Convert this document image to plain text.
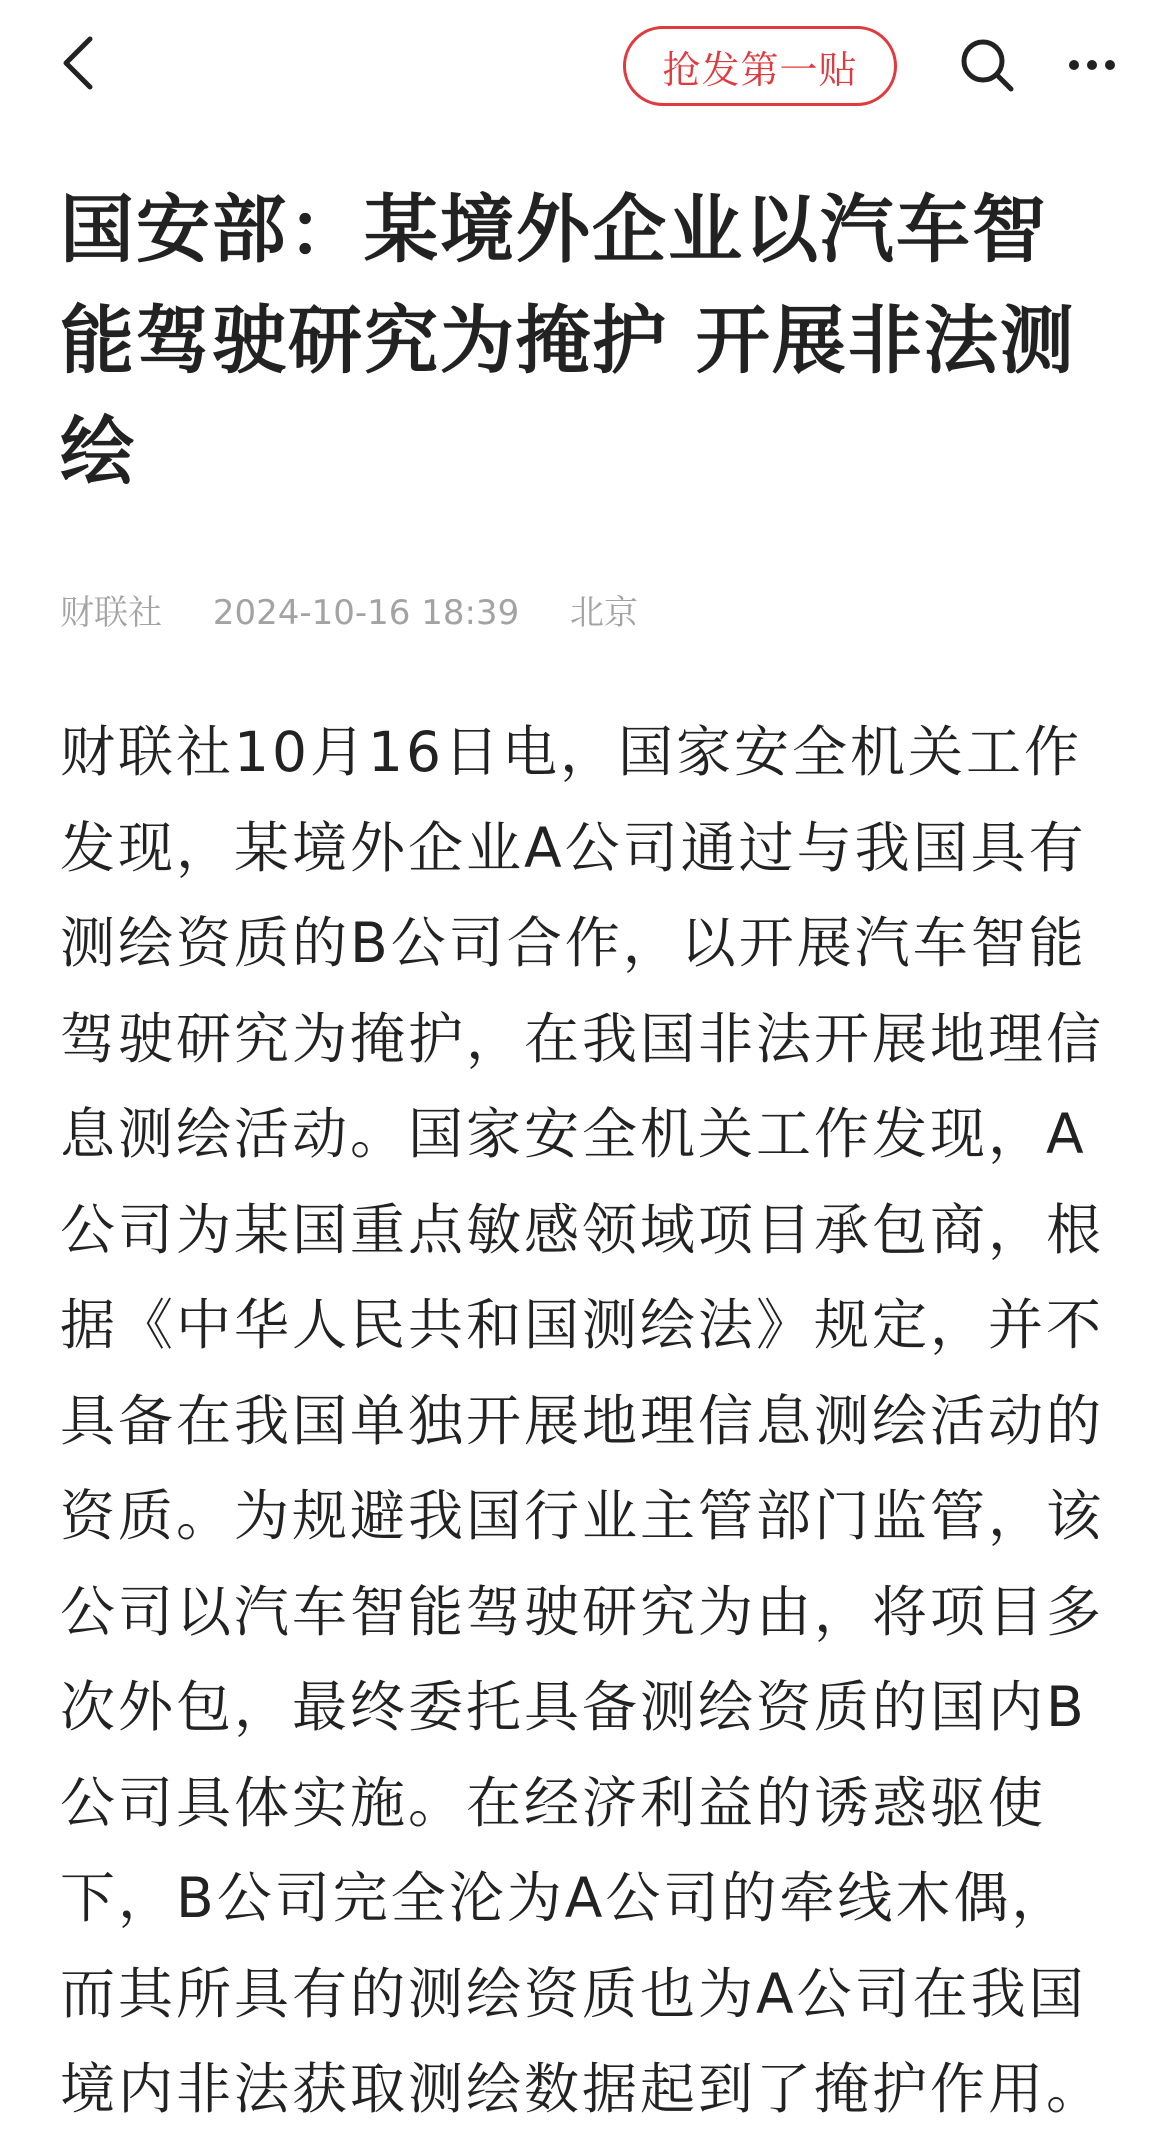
抢发第一贴
国安部：某境外企业以汽车智能驾驶研究为掩护 开展非法测绘
财联社 2024-10-16 18:39 北京

财联社10月16日电，国家安全机关工作发现，某境外企业A公司通过与我国具有测绘资质的B公司合作，以开展汽车智能驾驶研究为掩护，在我国非法开展地理信息测绘活动。国家安全机关工作发现，A公司为某国重点敏感领域项目承包商，根据《中华人民共和国测绘法》规定，并不具备在我国单独开展地理信息测绘活动的资质。为规避我国行业主管部门监管，该公司以汽车智能驾驶研究为由，将项目多次外包，最终委托具备测绘资质的国内B公司具体实施。在经济利益的诱惑驱使下，B公司完全沦为A公司的牵线木偶，而其所具有的测绘资质也为A公司在我国境内非法获取测绘数据起到了掩护作用。
